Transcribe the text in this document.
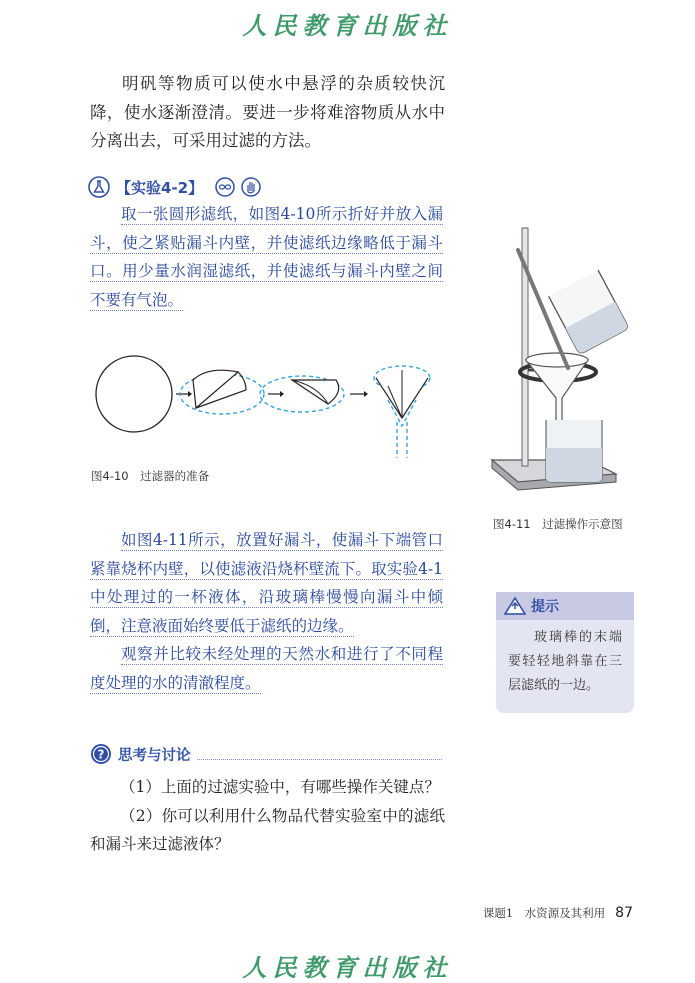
人民教育出版社
明矾等物质可以使水中悬浮的杂质较快沉降，使水逐渐澄清。要进一步将难溶物质从水中分离出去，可采用过滤的方法。
【实验4-2】

取一张圆形滤纸，如图4-10所示折好并放入漏斗，使之紧贴漏斗内壁，并使滤纸边缘略低于漏斗口。用少量水润湿滤纸，并使滤纸与漏斗内壁之间不要有气泡。

图4-10　过滤器的准备
图4-11　过滤操作示意图

如图4-11所示，放置好漏斗，使漏斗下端管口紧靠烧杯内壁，以使滤液沿烧杯壁流下。取实验4-1中处理过的一杯液体，沿玻璃棒慢慢向漏斗中倾倒，注意液面始终要低于滤纸的边缘。

观察并比较未经处理的天然水和进行了不同程度处理的水的清澈程度。

提示
玻璃棒的末端要轻轻地斜靠在三层滤纸的一边。
? 思考与讨论

（1）上面的过滤实验中，有哪些操作关键点？

（2）你可以利用什么物品代替实验室中的滤纸和漏斗来过滤液体？

课题1　水资源及其利用 87
人民教育出版社
